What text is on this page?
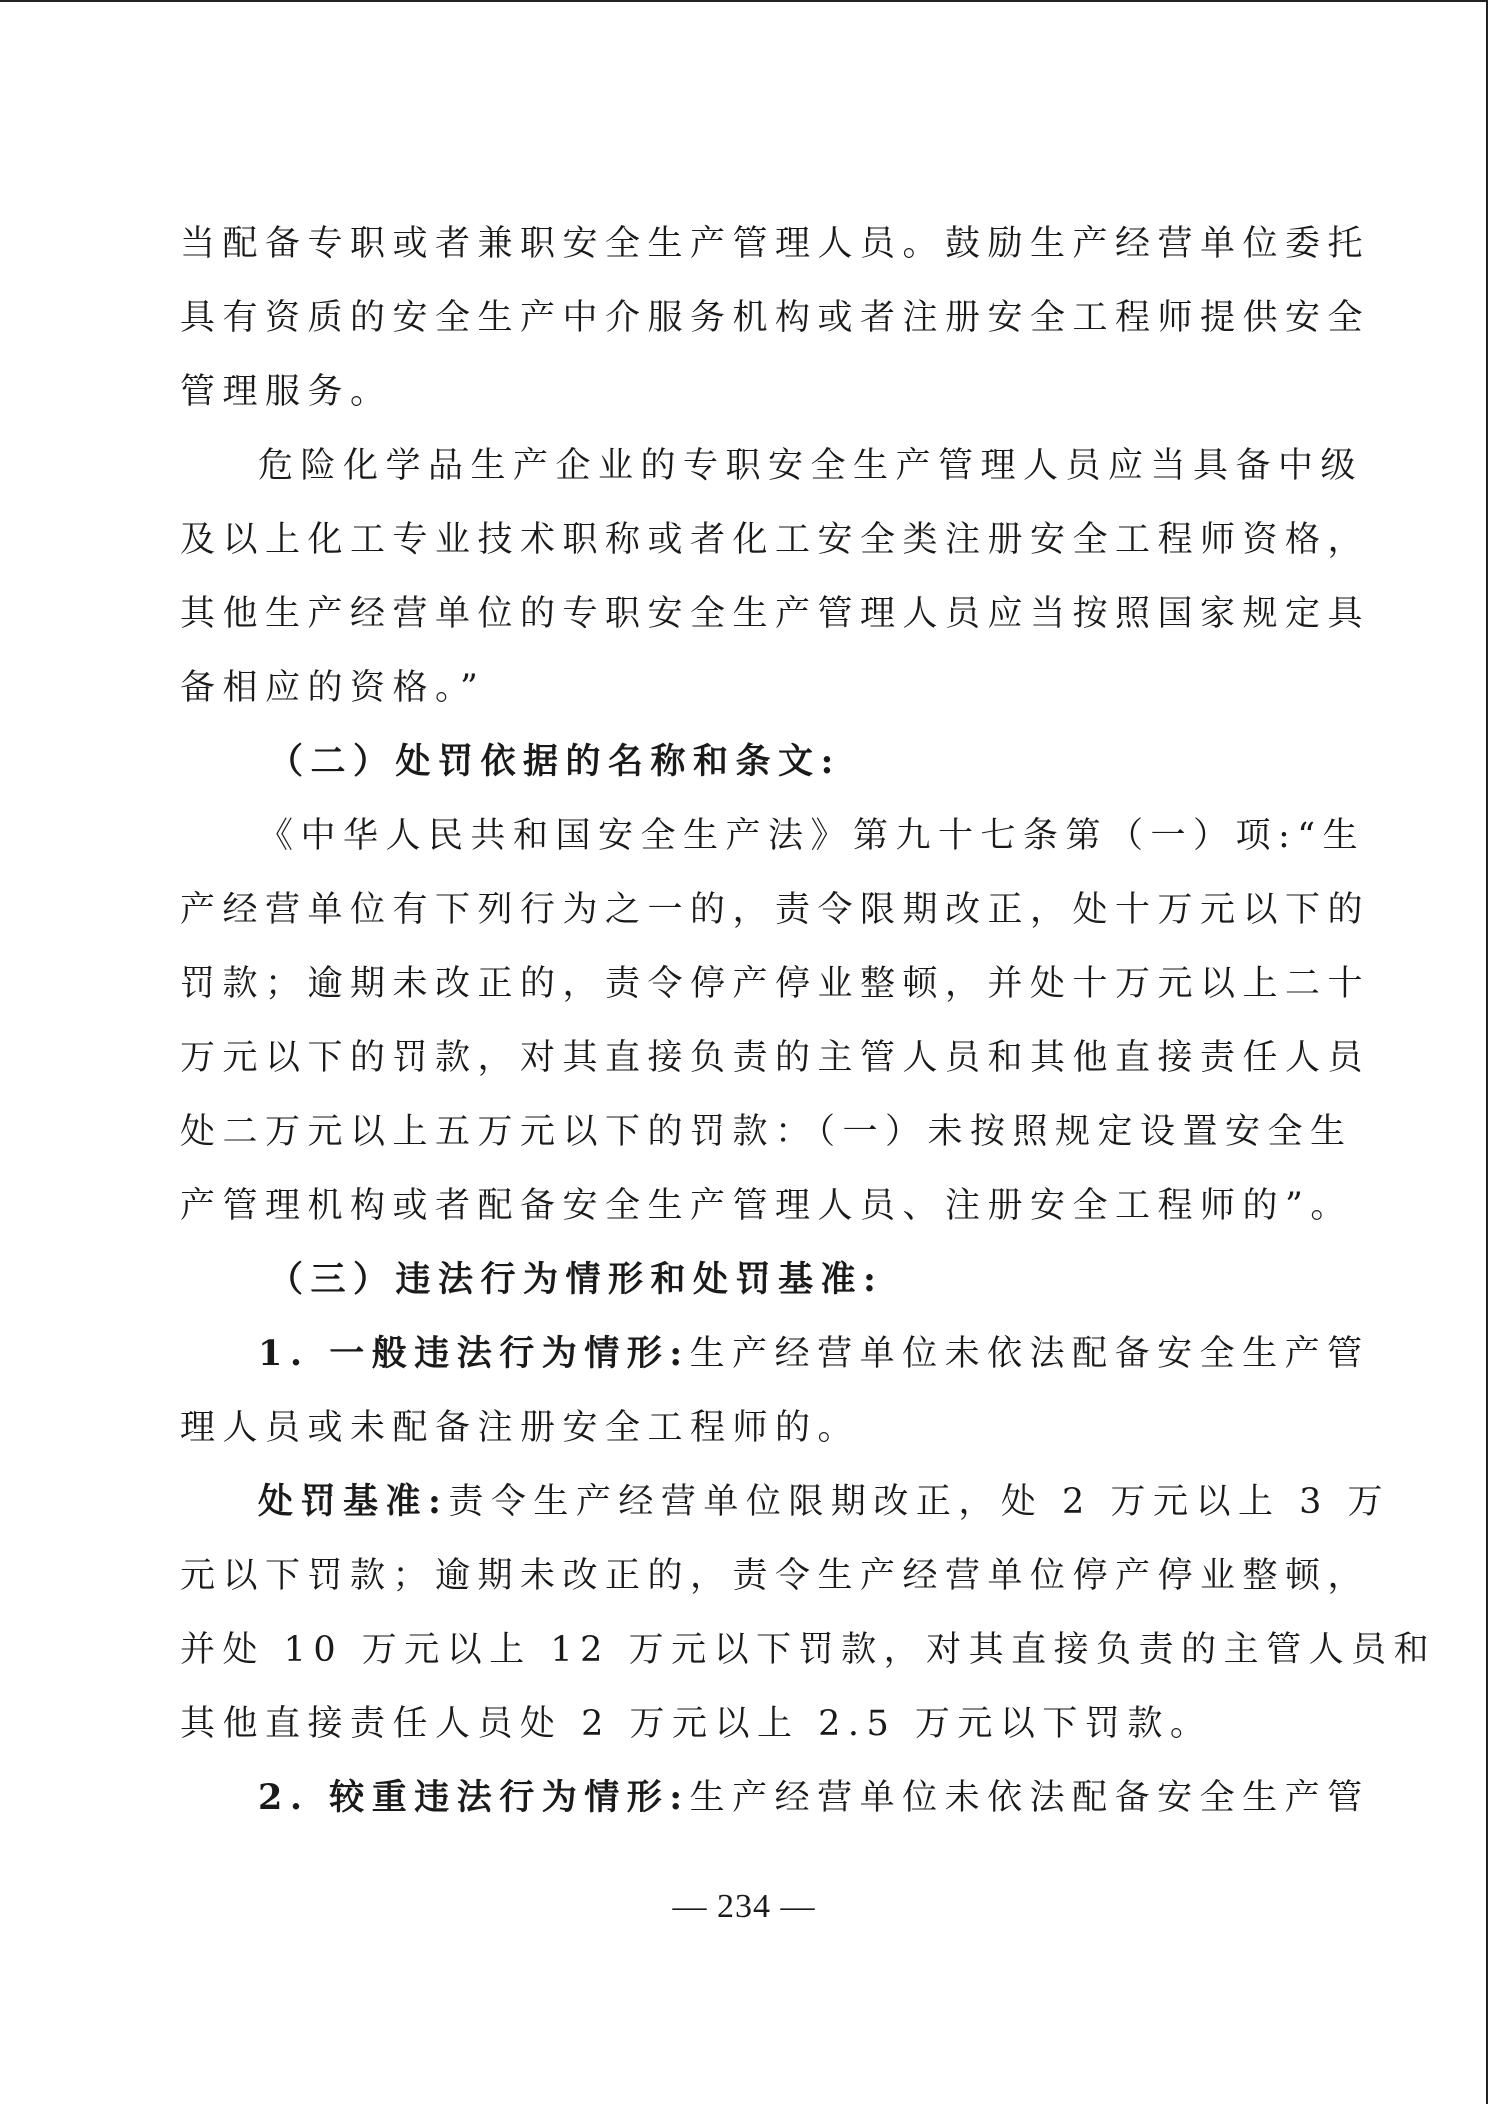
当配备专职或者兼职安全生产管理人员。鼓励生产经营单位委托
具有资质的安全生产中介服务机构或者注册安全工程师提供安全
管理服务。
危险化学品生产企业的专职安全生产管理人员应当具备中级
及以上化工专业技术职称或者化工安全类注册安全工程师资格，
其他生产经营单位的专职安全生产管理人员应当按照国家规定具
备相应的资格。”
（二）处罚依据的名称和条文:
《中华人民共和国安全生产法》第九十七条第（一）项:“生
产经营单位有下列行为之一的，责令限期改正，处十万元以下的
罚款；逾期未改正的，责令停产停业整顿，并处十万元以上二十
万元以下的罚款，对其直接负责的主管人员和其他直接责任人员
处二万元以上五万元以下的罚款：（一）未按照规定设置安全生
产管理机构或者配备安全生产管理人员、注册安全工程师的”。
（三）违法行为情形和处罚基准:
1. 一般违法行为情形:生产经营单位未依法配备安全生产管
理人员或未配备注册安全工程师的。
处罚基准:责令生产经营单位限期改正，处 2 万元以上 3 万
元以下罚款；逾期未改正的，责令生产经营单位停产停业整顿，
并处 10 万元以上 12 万元以下罚款，对其直接负责的主管人员和
其他直接责任人员处 2 万元以上 2.5 万元以下罚款。
2. 较重违法行为情形:生产经营单位未依法配备安全生产管
— 234 —
